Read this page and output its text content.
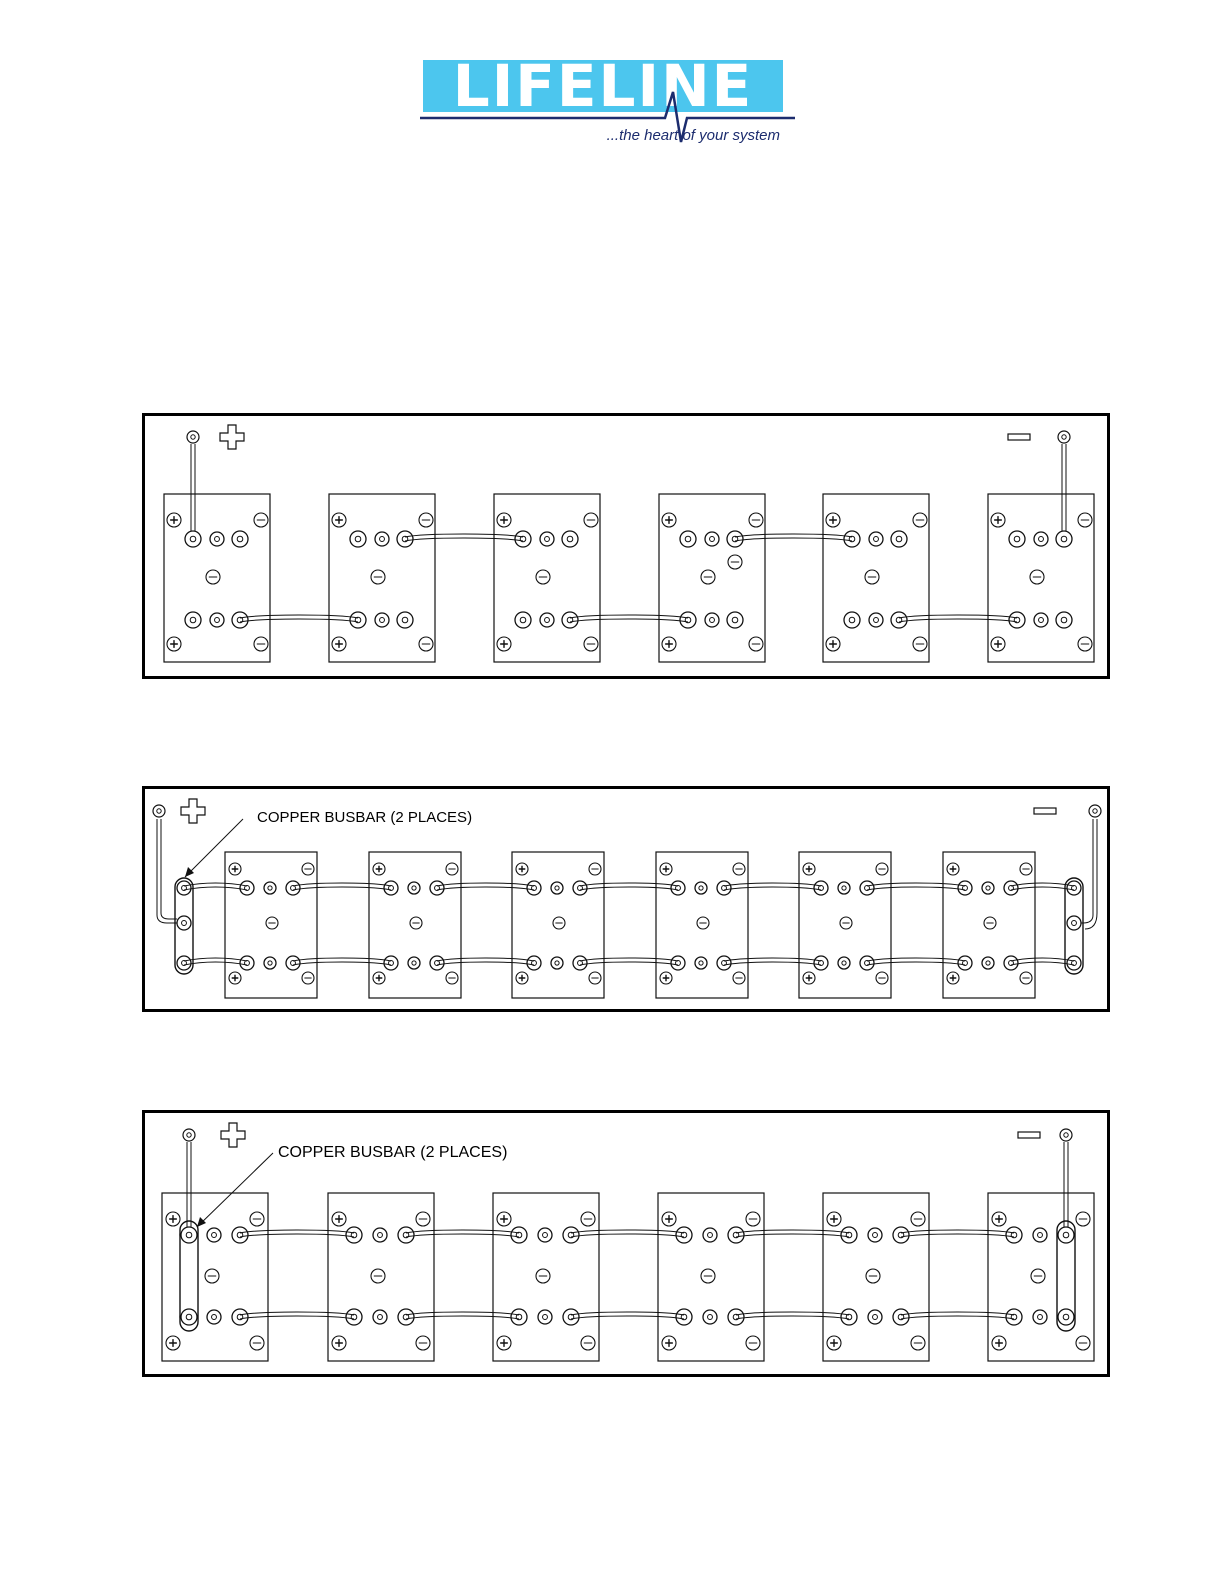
LIFELINE
...the heart of your system
COPPER BUSBAR (2 PLACES)
COPPER BUSBAR (2 PLACES)
